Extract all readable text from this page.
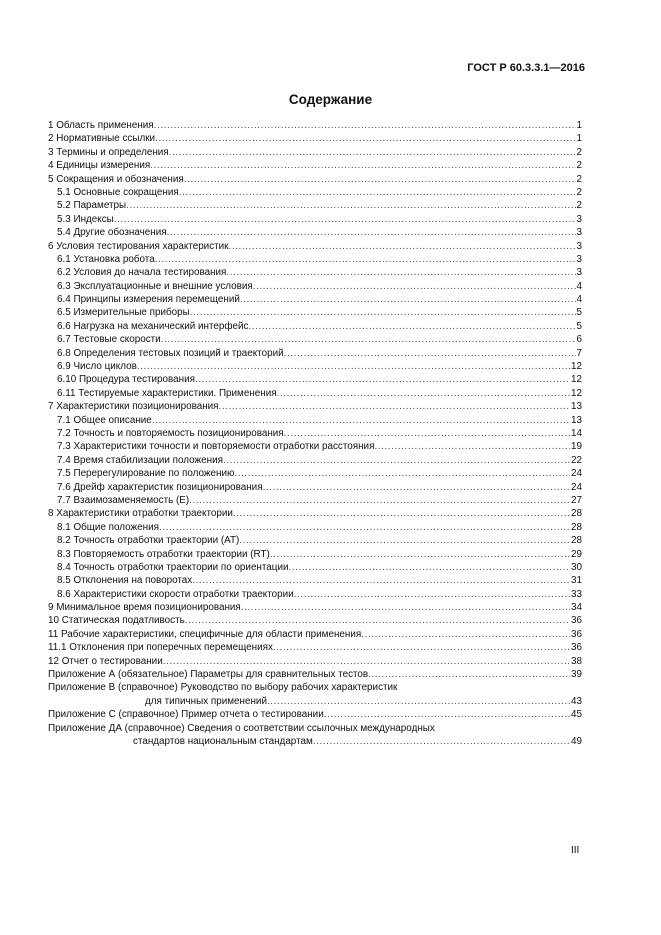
ГОСТ Р 60.3.3.1—2016
Содержание
1 Область применения .....	1
2 Нормативные ссылки .....	1
3 Термины и определения .....	2
4 Единицы измерения .....	2
5 Сокращения и обозначения .....	2
5.1 Основные сокращения .....	2
5.2 Параметры .....	2
5.3 Индексы .....	3
5.4 Другие обозначения .....	3
6 Условия тестирования характеристик .....	3
6.1 Установка робота .....	3
6.2 Условия до начала тестирования .....	3
6.3 Эксплуатационные и внешние условия .....	4
6.4 Принципы измерения перемещений .....	4
6.5 Измерительные приборы .....	5
6.6 Нагрузка на механический интерфейс .....	5
6.7 Тестовые скорости .....	6
6.8 Определения тестовых позиций и траекторий .....	7
6.9 Число циклов .....	12
6.10 Процедура тестирования .....	12
6.11 Тестируемые характеристики. Применения .....	12
7 Характеристики позиционирования .....	13
7.1 Общее описание .....	13
7.2 Точность и повторяемость позиционирования .....	14
7.3 Характеристики точности и повторяемости отработки расстояния .....	19
7.4 Время стабилизации положения .....	22
7.5 Перерегулирование по положению .....	24
7.6 Дрейф характеристик позиционирования .....	24
7.7 Взаимозаменяемость (E) .....	27
8 Характеристики отработки траектории .....	28
8.1 Общие положения .....	28
8.2 Точность отработки траектории (AT) .....	28
8.3 Повторяемость отработки траектории (RT) .....	29
8.4 Точность отработки траектории по ориентации .....	30
8.5 Отклонения на поворотах .....	31
8.6 Характеристики скорости отработки траектории .....	33
9 Минимальное время позиционирования .....	34
10 Статическая податливость .....	36
11 Рабочие характеристики, специфичные для области применения .....	36
11.1 Отклонения при поперечных перемещениях .....	36
12 Отчет о тестировании .....	38
Приложение А (обязательное) Параметры для сравнительных тестов .....	39
Приложение В (справочное) Руководство по выбору рабочих характеристик
для типичных применений .....	43
Приложение С (справочное) Пример отчета о тестировании .....	45
Приложение ДА (справочное) Сведения о соответствии ссылочных международных
стандартов национальным стандартам .....	49
III
